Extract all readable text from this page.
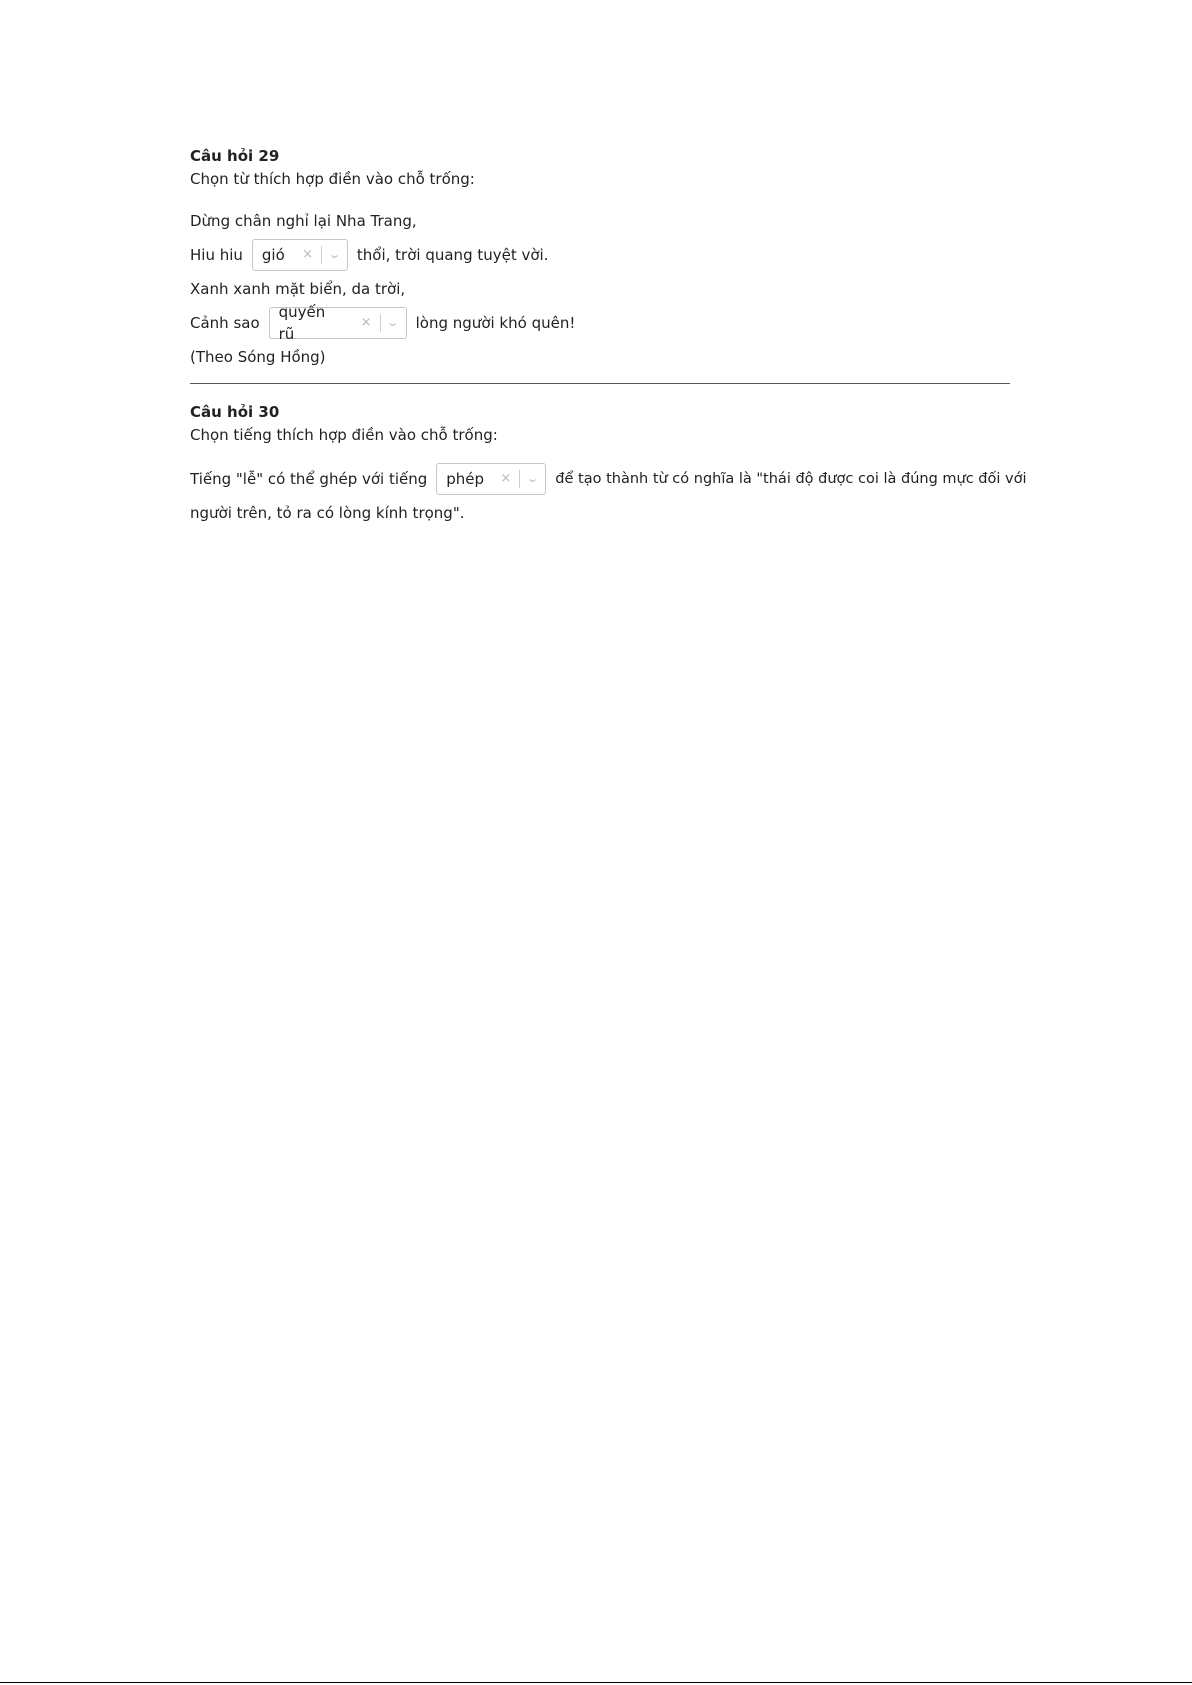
Câu hỏi 29
Chọn từ thích hợp điền vào chỗ trống:
Dừng chân nghỉ lại Nha Trang,
Hiu hiu	gió	×	⌄	thổi, trời quang tuyệt vời.
Xanh xanh mặt biển, da trời,
Cảnh sao
quyến rũ
×	⌄	lòng người khó quên!
(Theo Sóng Hồng)
Câu hỏi 30
Chọn tiếng thích hợp điền vào chỗ trống:
Tiếng "lễ" có thể ghép với tiếng	phép	×	⌄	để tạo thành từ có nghĩa là "thái độ được coi là đúng mực đối với
người trên, tỏ ra có lòng kính trọng".
